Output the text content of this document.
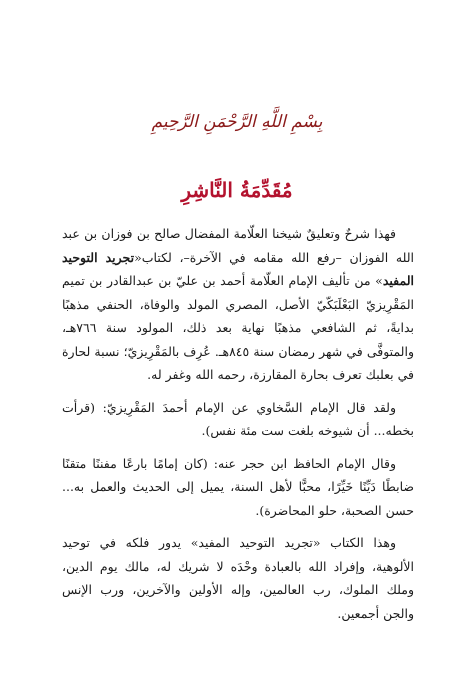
بِسْمِ اللَّهِ الرَّحْمَنِ الرَّحِيمِ
مُقَدِّمَةُ النَّاشِرِ

فهذا شرحٌ وتعليقٌ شيخنا العلّامة المفضال صالح بن فوزان بن عبد الله الفوزان –رفع الله مقامه في الآخرة–، لكتاب«تجريد التوحيد المفيد» من تأليف الإمام العلّامة أحمد بن عليّ بن عبدالقادر بن تميم المَقْرِيزيّ البَعْلَبَكّيّ الأصل، المصري المولد والوفاة، الحنفي مذهبًا بدايةً، ثم الشافعي مذهبًا نهاية بعد ذلك، المولود سنة ٧٦٦هـ، والمتوفَّى في شهر رمضان سنة ٨٤٥هـ. عُرِف بالمَقْرِيزيّ؛ نسبة لحارة في بعلبك تعرف بحارة المقارزة، رحمه الله وغفر له.

ولقد قال الإمام السَّخاوي عن الإمام أحمدَ المَقْرِيزيّ: (قرأت بخطه... أن شيوخه بلغت ست مئة نفس).

وقال الإمام الحافظ ابن حجر عنه: (كان إمامًا بارعًا مفننًا متقنًا ضابطًا دَيِّنًا خَيِّرًا، محبًّا لأهل السنة، يميل إلى الحديث والعمل به... حسن الصحبة، حلو المحاضرة).

وهذا الكتاب «تجريد التوحيد المفيد» يدور فلكه في توحيد الألوهية، وإفراد الله بالعبادة وحْدَه لا شريك له، مالك يوم الدين، وملك الملوك، رب العالمين، وإله الأولين والآخرين، ورب الإنس والجن أجمعين.
